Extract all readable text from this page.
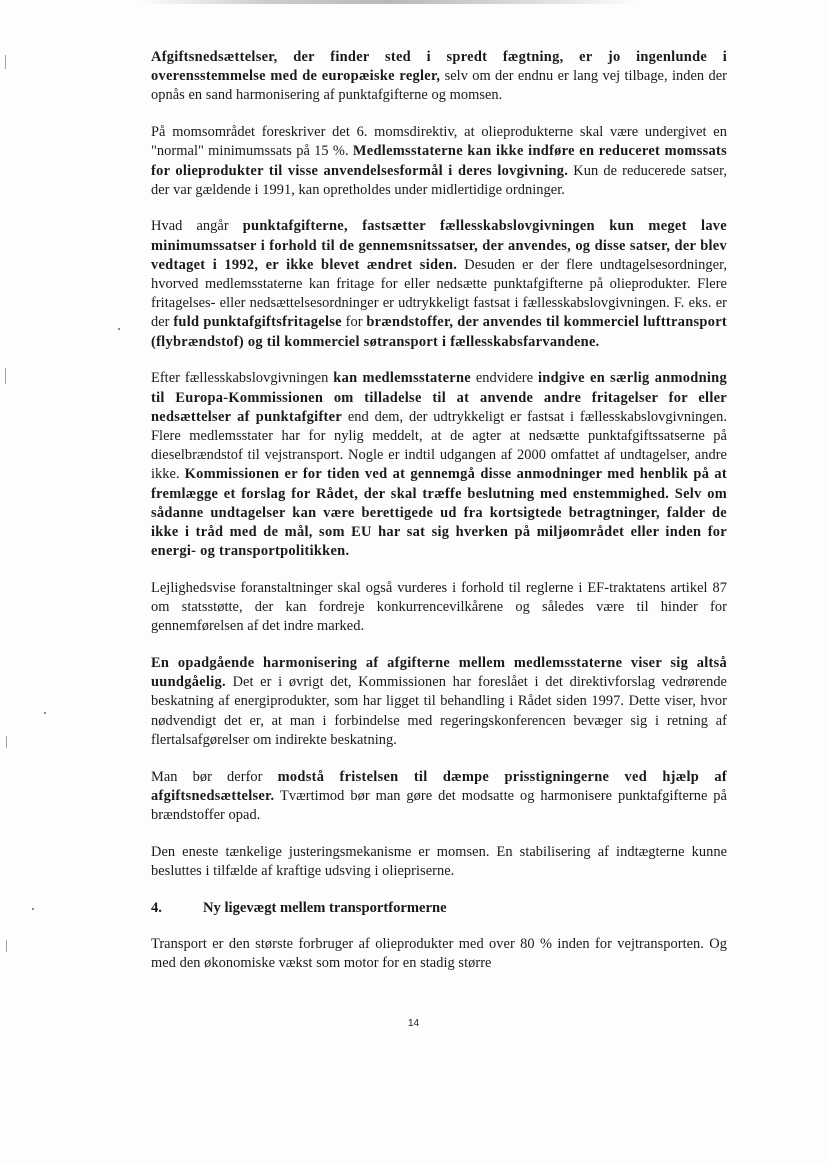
Afgiftsnedsættelser, der finder sted i spredt fægtning, er jo ingenlunde i overensstemmelse med de europæiske regler, selv om der endnu er lang vej tilbage, inden der opnås en sand harmonisering af punktafgifterne og momsen.

På momsområdet foreskriver det 6. momsdirektiv, at olieprodukterne skal være undergivet en "normal" minimumssats på 15 %. Medlemsstaterne kan ikke indføre en reduceret momssats for olieprodukter til visse anvendelsesformål i deres lovgivning. Kun de reducerede satser, der var gældende i 1991, kan opretholdes under midlertidige ordninger.

Hvad angår punktafgifterne, fastsætter fællesskabslovgivningen kun meget lave minimumssatser i forhold til de gennemsnitssatser, der anvendes, og disse satser, der blev vedtaget i 1992, er ikke blevet ændret siden. Desuden er der flere undtagelsesordninger, hvorved medlemsstaterne kan fritage for eller nedsætte punktafgifterne på olieprodukter. Flere fritagelses- eller nedsættelsesordninger er udtrykkeligt fastsat i fællesskabslovgivningen. F. eks. er der fuld punktafgiftsfritagelse for brændstoffer, der anvendes til kommerciel lufttransport (flybrændstof) og til kommerciel søtransport i fællesskabsfarvandene.

Efter fællesskabslovgivningen kan medlemsstaterne endvidere indgive en særlig anmodning til Europa-Kommissionen om tilladelse til at anvende andre fritagelser for eller nedsættelser af punktafgifter end dem, der udtrykkeligt er fastsat i fællesskabslovgivningen. Flere medlemsstater har for nylig meddelt, at de agter at nedsætte punktafgiftssatserne på dieselbrændstof til vejstransport. Nogle er indtil udgangen af 2000 omfattet af undtagelser, andre ikke. Kommissionen er for tiden ved at gennemgå disse anmodninger med henblik på at fremlægge et forslag for Rådet, der skal træffe beslutning med enstemmighed. Selv om sådanne undtagelser kan være berettigede ud fra kortsigtede betragtninger, falder de ikke i tråd med de mål, som EU har sat sig hverken på miljøområdet eller inden for energi- og transportpolitikken.

Lejlighedsvise foranstaltninger skal også vurderes i forhold til reglerne i EF-traktatens artikel 87 om statsstøtte, der kan fordreje konkurrencevilkårene og således være til hinder for gennemførelsen af det indre marked.

En opadgående harmonisering af afgifterne mellem medlemsstaterne viser sig altså uundgåelig. Det er i øvrigt det, Kommissionen har foreslået i det direktivforslag vedrørende beskatning af energiprodukter, som har ligget til behandling i Rådet siden 1997. Dette viser, hvor nødvendigt det er, at man i forbindelse med regeringskonferencen bevæger sig i retning af flertalsafgørelser om indirekte beskatning.

Man bør derfor modstå fristelsen til dæmpe prisstigningerne ved hjælp af afgiftsnedsættelser. Tværtimod bør man gøre det modsatte og harmonisere punktafgifterne på brændstoffer opad.

Den eneste tænkelige justeringsmekanisme er momsen. En stabilisering af indtægterne kunne besluttes i tilfælde af kraftige udsving i oliepriserne.

4.	Ny ligevægt mellem transportformerne

Transport er den største forbruger af olieprodukter med over 80 % inden for vejtransporten. Og med den økonomiske vækst som motor for en stadig større

14
